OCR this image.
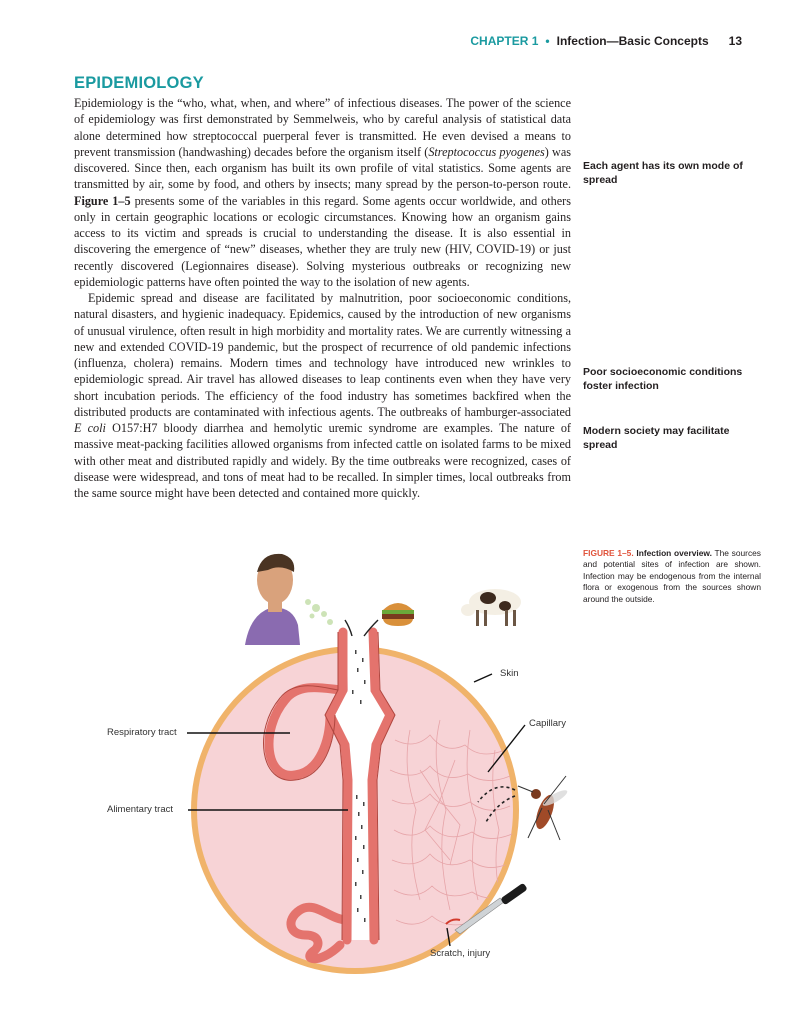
CHAPTER 1 • Infection—Basic Concepts 13
EPIDEMIOLOGY

Epidemiology is the “who, what, when, and where” of infectious diseases. The power of the science of epidemiology was first demonstrated by Semmelweis, who by careful analysis of statistical data alone determined how streptococcal puerperal fever is transmitted. He even devised a means to prevent transmission (handwashing) decades before the organism itself (Streptococcus pyogenes) was discovered. Since then, each organism has built its own profile of vital statistics. Some agents are transmitted by air, some by food, and others by insects; many spread by the person-to-person route. Figure 1–5 presents some of the variables in this regard. Some agents occur worldwide, and others only in certain geographic locations or ecologic circumstances. Knowing how an organism gains access to its victim and spreads is crucial to understanding the disease. It is also essential in discovering the emergence of “new” diseases, whether they are truly new (HIV, COVID-19) or just recently discovered (Legionnaires disease). Solving mysterious outbreaks or recognizing new epidemiologic patterns have often pointed the way to the isolation of new agents.

Epidemic spread and disease are facilitated by malnutrition, poor socioeconomic conditions, natural disasters, and hygienic inadequacy. Epidemics, caused by the introduction of new organisms of unusual virulence, often result in high morbidity and mortality rates. We are currently witnessing a new and extended COVID-19 pandemic, but the prospect of recurrence of old pandemic infections (influenza, cholera) remains. Modern times and technology have introduced new wrinkles to epidemiologic spread. Air travel has allowed diseases to leap continents even when they have very short incubation periods. The efficiency of the food industry has sometimes backfired when the distributed products are contaminated with infectious agents. The outbreaks of hamburger-associated E coli O157:H7 bloody diarrhea and hemolytic uremic syndrome are examples. The nature of massive meat-packing facilities allowed organisms from infected cattle on isolated farms to be mixed with other meat and distributed rapidly and widely. By the time outbreaks were recognized, cases of disease were widespread, and tons of meat had to be recalled. In simpler times, local outbreaks from the same source might have been detected and contained more quickly.

Each agent has its own mode of spread
Poor socioeconomic conditions foster infection
Modern society may facilitate spread
FIGURE 1–5. Infection overview. The sources and potential sites of infection are shown. Infection may be endogenous from the internal flora or exogenous from the sources shown around the outside.
Skin
Capillary
Respiratory tract
Alimentary tract
Scratch, injury
